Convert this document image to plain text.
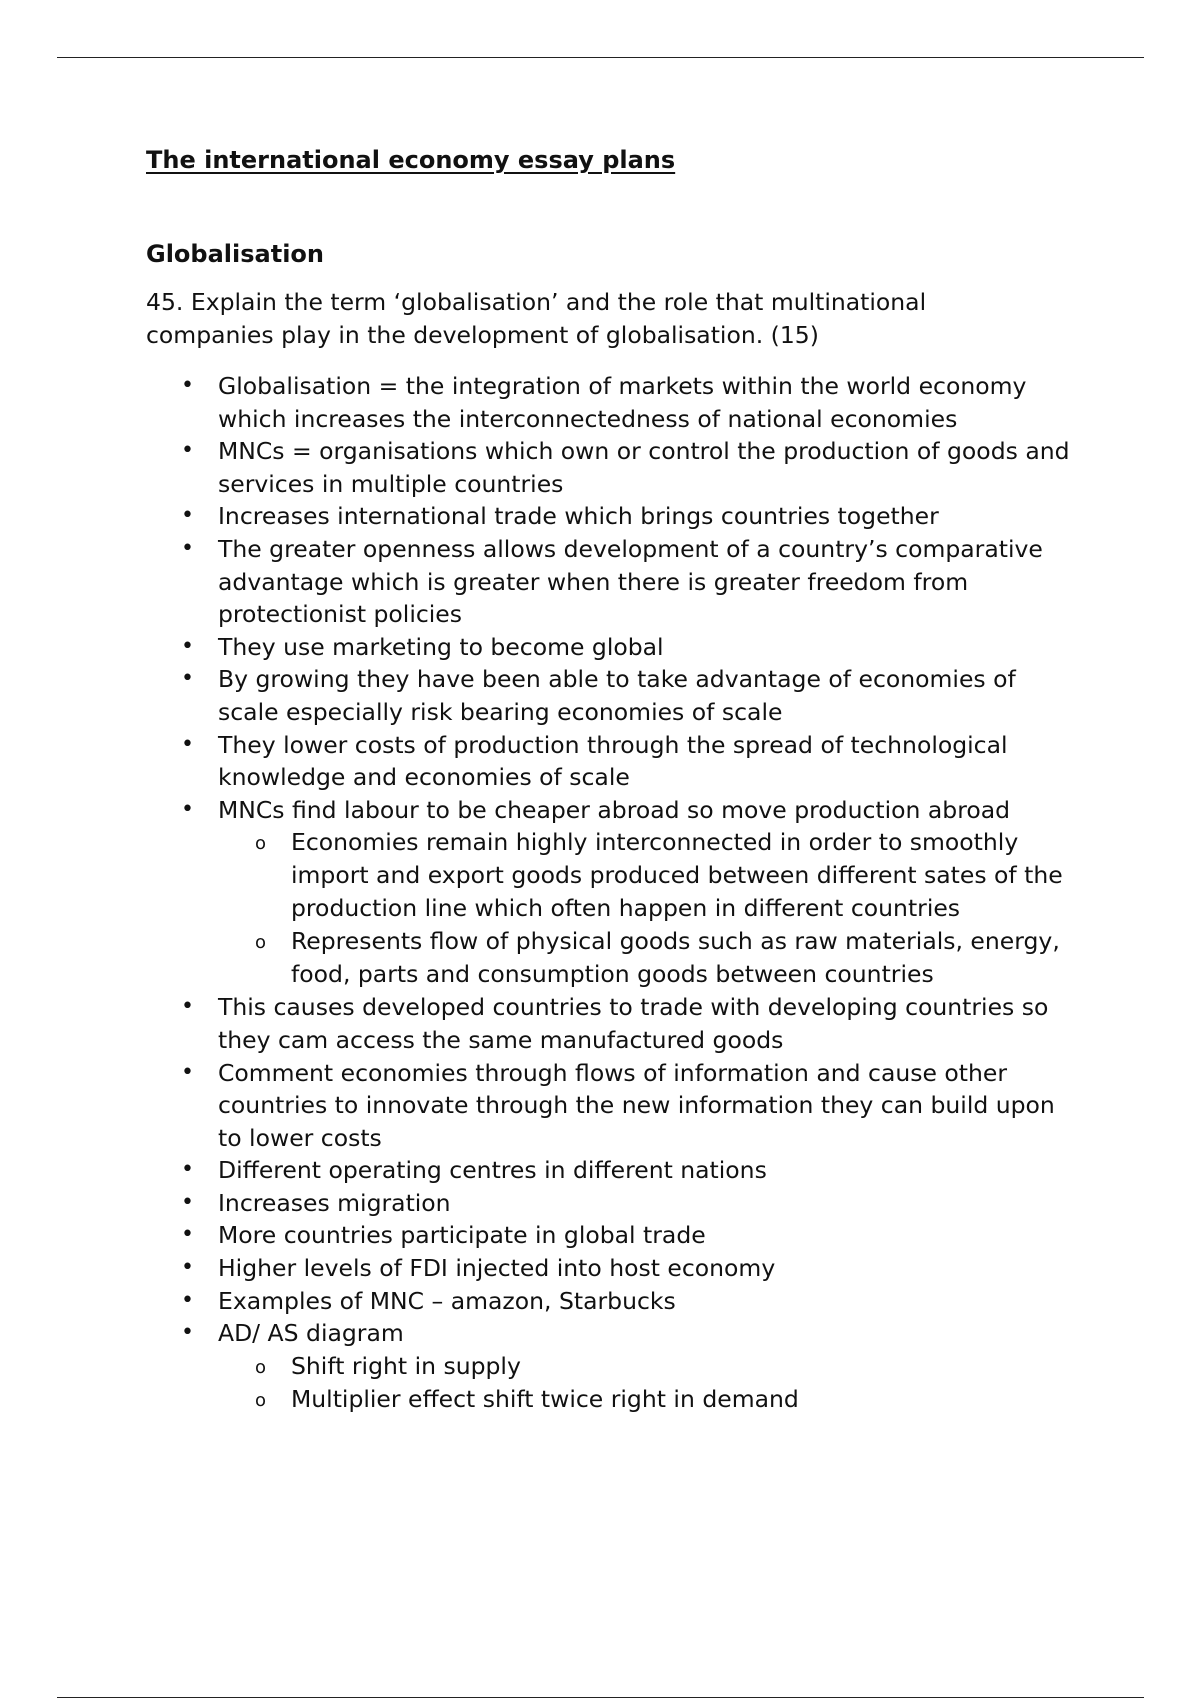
The international economy essay plans
Globalisation

45. Explain the term ‘globalisation’ and the role that multinational companies play in the development of globalisation. (15)

• Globalisation = the integration of markets within the world economy which increases the interconnectedness of national economies
• MNCs = organisations which own or control the production of goods and services in multiple countries
• Increases international trade which brings countries together
• The greater openness allows development of a country’s comparative advantage which is greater when there is greater freedom from protectionist policies
• They use marketing to become global
• By growing they have been able to take advantage of economies of scale especially risk bearing economies of scale
• They lower costs of production through the spread of technological knowledge and economies of scale
• MNCs find labour to be cheaper abroad so move production abroad
o Economies remain highly interconnected in order to smoothly import and export goods produced between different sates of the production line which often happen in different countries
o Represents flow of physical goods such as raw materials, energy, food, parts and consumption goods between countries
• This causes developed countries to trade with developing countries so they cam access the same manufactured goods
• Comment economies through flows of information and cause other countries to innovate through the new information they can build upon to lower costs
• Different operating centres in different nations
• Increases migration
• More countries participate in global trade
• Higher levels of FDI injected into host economy
• Examples of MNC – amazon, Starbucks
• AD/ AS diagram
o Shift right in supply
o Multiplier effect shift twice right in demand
